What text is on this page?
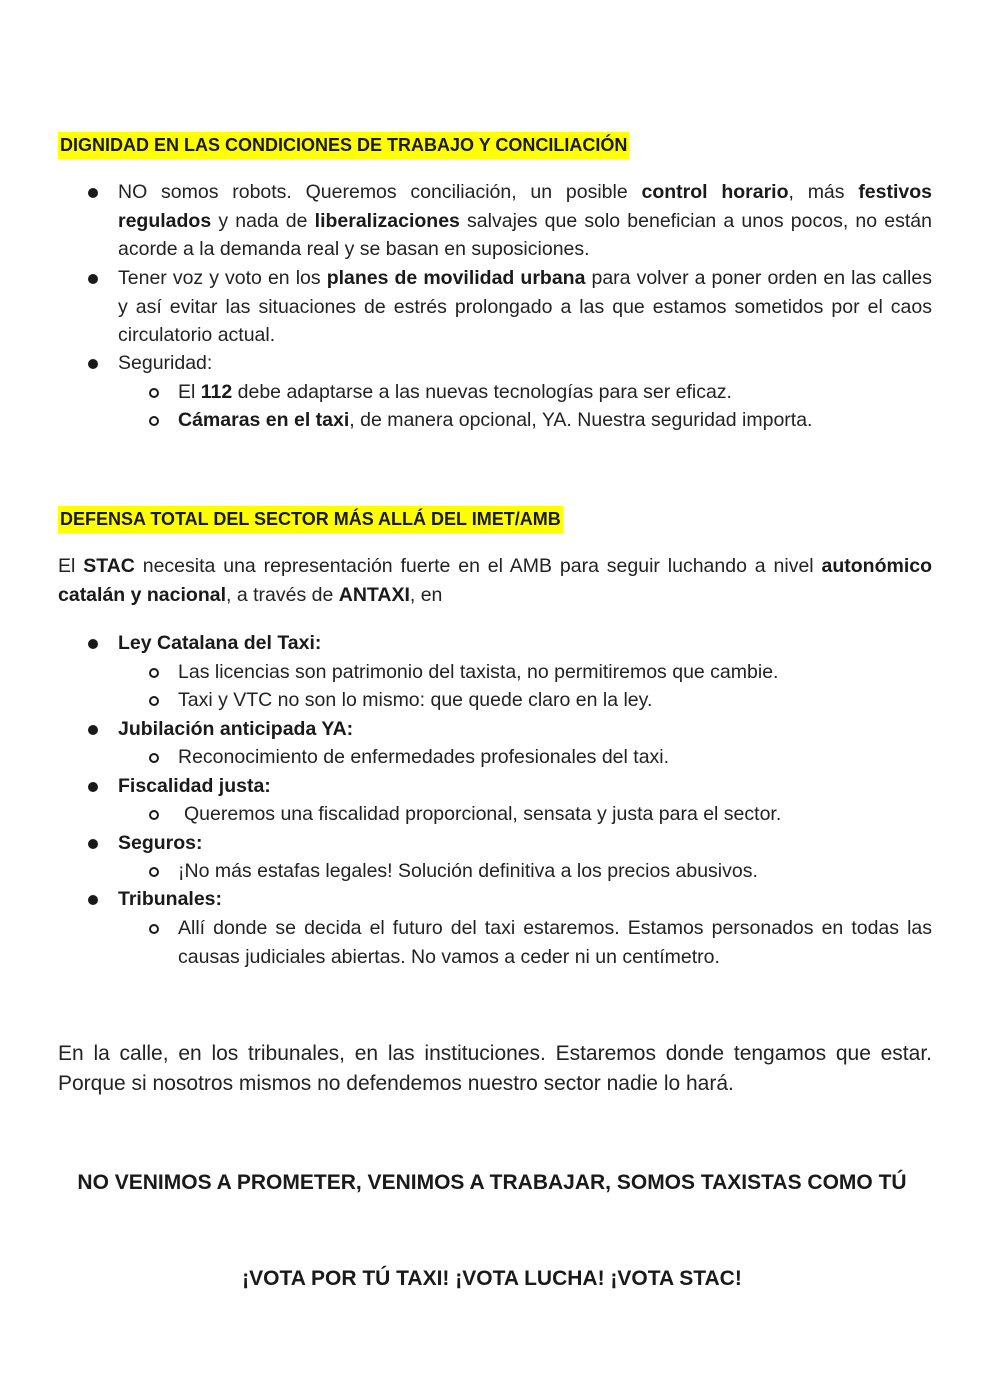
DIGNIDAD EN LAS CONDICIONES DE TRABAJO Y CONCILIACIÓN
NO somos robots. Queremos conciliación, un posible control horario, más festivos regulados y nada de liberalizaciones salvajes que solo benefician a unos pocos, no están acorde a la demanda real y se basan en suposiciones.
Tener voz y voto en los planes de movilidad urbana para volver a poner orden en las calles y así evitar las situaciones de estrés prolongado a las que estamos sometidos por el caos circulatorio actual.
Seguridad:
El 112 debe adaptarse a las nuevas tecnologías para ser eficaz.
Cámaras en el taxi, de manera opcional, YA. Nuestra seguridad importa.
DEFENSA TOTAL DEL SECTOR MÁS ALLÁ DEL IMET/AMB
El STAC necesita una representación fuerte en el AMB para seguir luchando a nivel autonómico catalán y nacional, a través de ANTAXI, en
Ley Catalana del Taxi:
Las licencias son patrimonio del taxista, no permitiremos que cambie.
Taxi y VTC no son lo mismo: que quede claro en la ley.
Jubilación anticipada YA:
Reconocimiento de enfermedades profesionales del taxi.
Fiscalidad justa:
Queremos una fiscalidad proporcional, sensata y justa para el sector.
Seguros:
¡No más estafas legales! Solución definitiva a los precios abusivos.
Tribunales:
Allí donde se decida el futuro del taxi estaremos. Estamos personados en todas las causas judiciales abiertas. No vamos a ceder ni un centímetro.
En la calle, en los tribunales, en las instituciones. Estaremos donde tengamos que estar. Porque si nosotros mismos no defendemos nuestro sector nadie lo hará.
NO VENIMOS A PROMETER, VENIMOS A TRABAJAR, SOMOS TAXISTAS COMO TÚ
¡VOTA POR TÚ TAXI! ¡VOTA LUCHA! ¡VOTA STAC!
